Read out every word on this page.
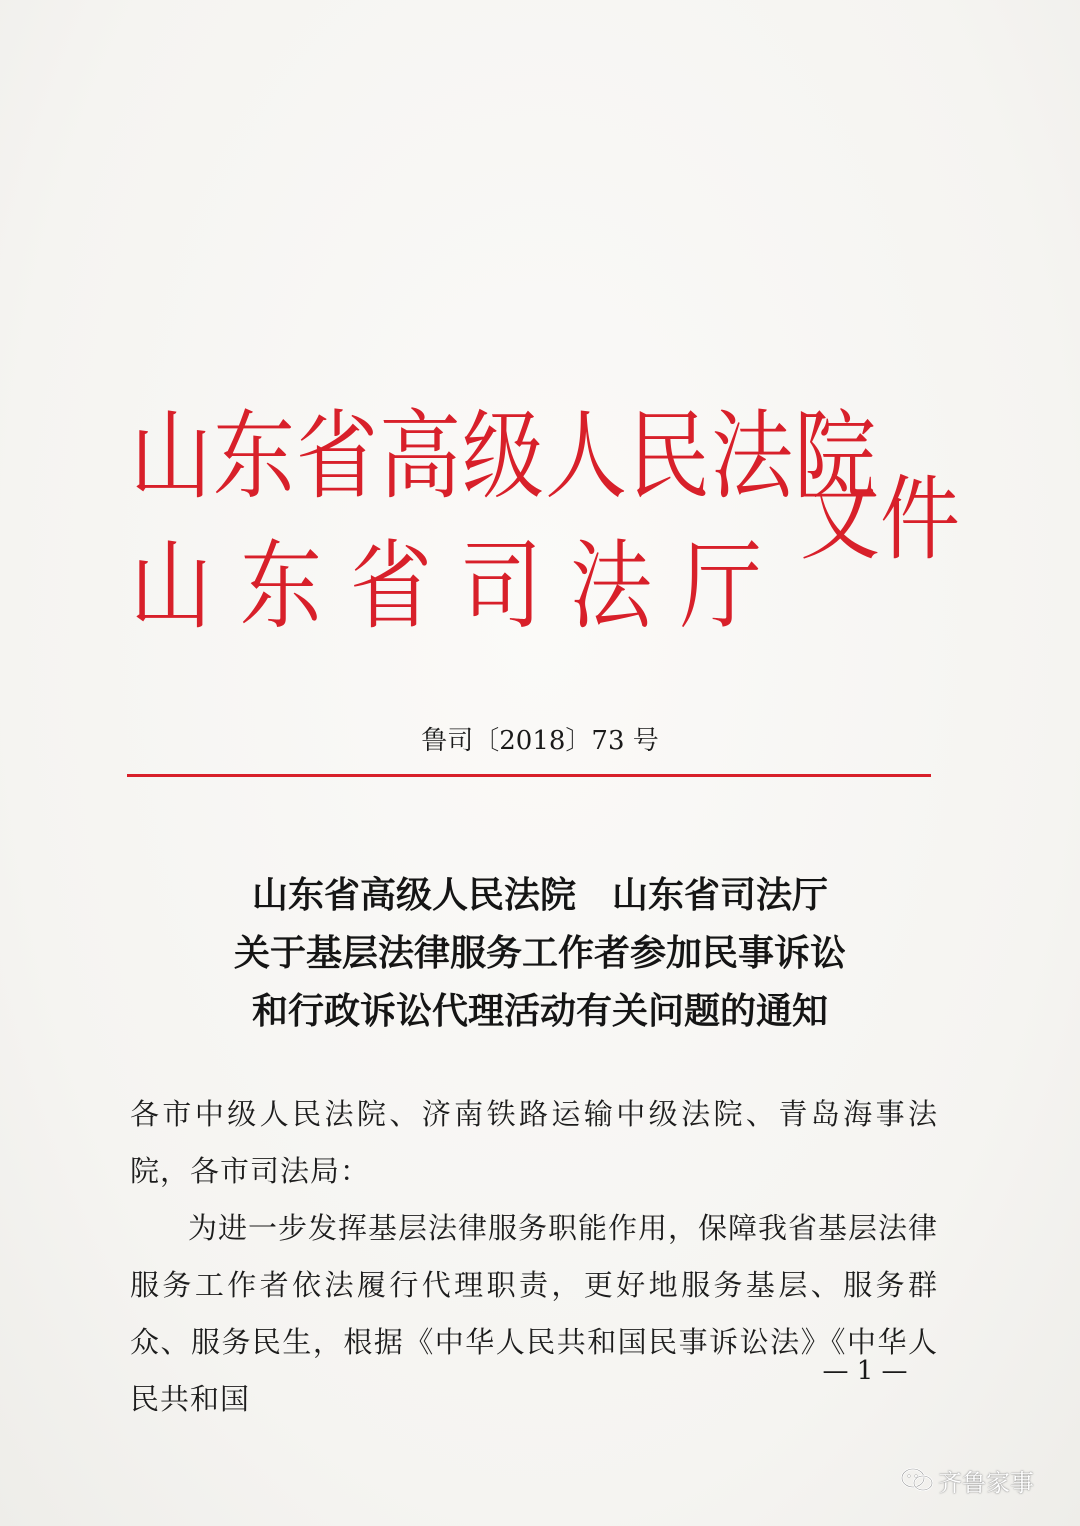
山东省高级人民法院
山东省司法厅
文件
鲁司〔2018〕73 号
山东省高级人民法院 山东省司法厅
关于基层法律服务工作者参加民事诉讼
和行政诉讼代理活动有关问题的通知

各市中级人民法院、济南铁路运输中级法院、青岛海事法院，各市司法局：

为进一步发挥基层法律服务职能作用，保障我省基层法律服务工作者依法履行代理职责，更好地服务基层、服务群众、服务民生，根据《中华人民共和国民事诉讼法》《中华人民共和国

— 1 —
齐鲁家事
